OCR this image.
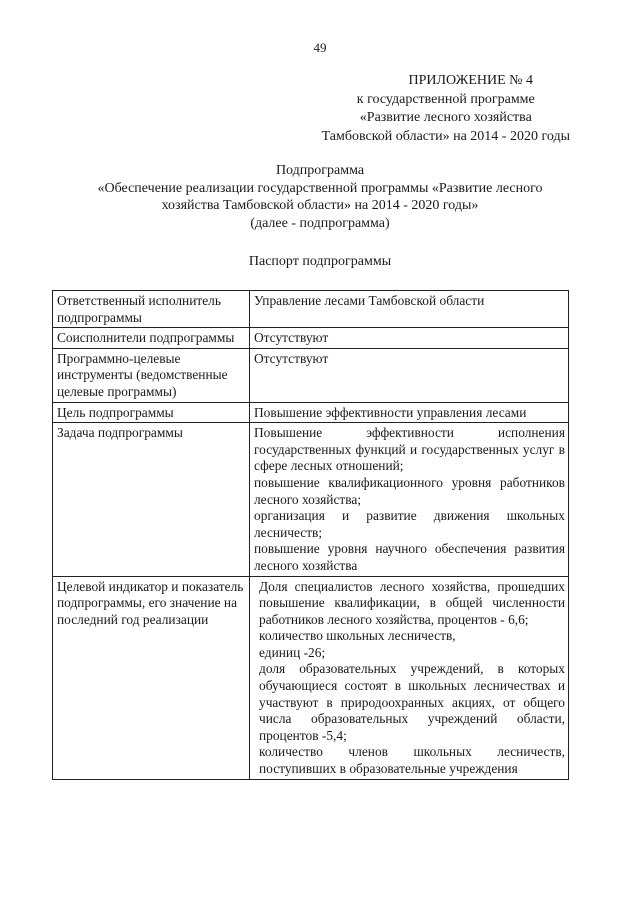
49
ПРИЛОЖЕНИЕ № 4
к государственной программе
«Развитие лесного хозяйства
Тамбовской области» на 2014 - 2020 годы
Подпрограмма
«Обеспечение реализации государственной программы «Развитие лесного
хозяйства Тамбовской области» на 2014 - 2020 годы»
(далее - подпрограмма)
Паспорт подпрограммы
Ответственный исполнитель подпрограммы	Управление лесами Тамбовской области
Соисполнители подпрограммы	Отсутствуют
Программно-целевые инструменты (ведомственные целевые программы)	Отсутствуют
Цель подпрограммы	Повышение эффективности управления лесами
Задача подпрограммы	Повышение эффективности исполнения государственных функций и государственных услуг в сфере лесных отношений;
повышение квалификационного уровня работников лесного хозяйства;
организация и развитие движения школьных лесничеств;
повышение уровня научного обеспечения развития лесного хозяйства

Целевой индикатор и показатель подпрограммы, его значение на последний год реализации	Доля специалистов лесного хозяйства, прошедших повышение квалификации, в общей численности работников лесного хозяйства, процентов - 6,6;
количество школьных лесничеств,
единиц -26;
доля образовательных учреждений, в которых обучающиеся состоят в школьных лесничествах и участвуют в природоохранных акциях, от общего числа образовательных учреждений области, процентов -5,4;
количество членов школьных лесничеств, поступивших в образовательные учреждения
